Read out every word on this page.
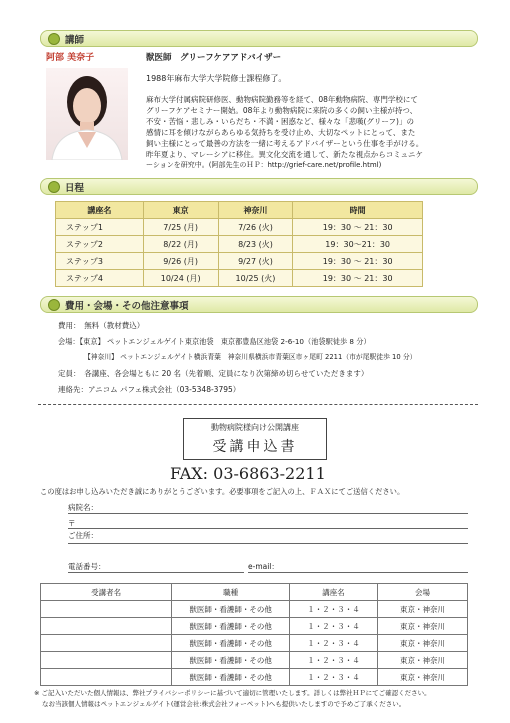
講師
阿部 美奈子	獣医師　グリーフケアアドバイザー
1988年麻布大学大学院修士課程修了。
麻布大学付属病院研修医、動物病院勤務等を経て、08年動物病院、専門学校にて
グリーフケアセミナー開始。08年より動物病院に来院の多くの飼い主様が持つ、
不安・苦悩・悲しみ・いらだち・不満・困惑など、様々な「悲嘆(グリーフ)」の
感情に耳を傾けながらあらゆる気持ちを受け止め、大切なペットにとって、また
飼い主様にとって最善の方法を一緒に考えるアドバイザーという仕事を手がける。
昨年夏より、マレーシアに移住。異文化交流を通して、新たな視点からコミュニケ
ーションを研究中。(阿部先生のＨＰ：http://grief-care.net/profile.html)
日程
講座名	東京	神奈川	時間
ステップ1	7/25 (月)	7/26 (火)	19：30 ～ 21：30
ステップ2	8/22 (月)	8/23 (火)	19：30～21：30
ステップ3	9/26 (月)	9/27 (火)	19：30 ～ 21：30
ステップ4	10/24 (月)	10/25 (火)	19：30 ～ 21：30
費用・会場・その他注意事項
費用：　無料（教材費込）
会場：【東京】 ペットエンジェルゲイト東京池袋　東京都豊島区池袋 2-6-10（池袋駅徒歩 8 分）
【神奈川】 ペットエンジェルゲイト横浜青葉　神奈川県横浜市青葉区市ヶ尾町 2211（市が尾駅徒歩 10 分）
定員：　各講座、各会場ともに 20 名（先着順、定員になり次第締め切らせていただきます）
連絡先：アニコム パフェ株式会社（03-5348-3795）
動物病院様向け公開講座
受講申込書
FAX: 03-6863-2211
この度はお申し込みいただき誠にありがとうございます。必要事項をご記入の上、ＦＡＸにてご送信ください。
病院名：
〒
ご住所：
電話番号：	e-mail：
受講者名	職種	講座名	会場
	獣医師・看護師・その他	１・２・３・４	東京・神奈川
	獣医師・看護師・その他	１・２・３・４	東京・神奈川
	獣医師・看護師・その他	１・２・３・４	東京・神奈川
	獣医師・看護師・その他	１・２・３・４	東京・神奈川
	獣医師・看護師・その他	１・２・３・４	東京・神奈川
※ ご記入いただいた個人情報は、弊社プライバシーポリシーに基づいて適切に管理いたします。詳しくは弊社ＨＰにてご確認ください。
なお当該個人情報はペットエンジェルゲイト(運営会社:株式会社フォーペット)へも提供いたしますので予めご了承ください。
